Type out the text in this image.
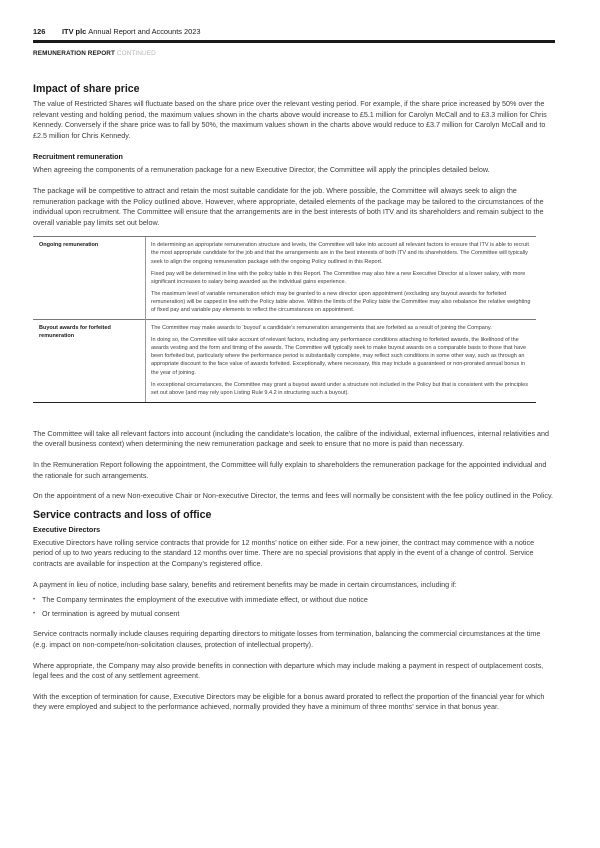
126 ITV plc Annual Report and Accounts 2023
REMUNERATION REPORT CONTINUED
Impact of share price

The value of Restricted Shares will fluctuate based on the share price over the relevant vesting period. For example, if the share price increased by 50% over the relevant vesting and holding period, the maximum values shown in the charts above would increase to £5.1 million for Carolyn McCall and to £3.3 million for Chris Kennedy. Conversely if the share price was to fall by 50%, the maximum values shown in the charts above would reduce to £3.7 million for Carolyn McCall and to £2.5 million for Chris Kennedy.

Recruitment remuneration

When agreeing the components of a remuneration package for a new Executive Director, the Committee will apply the principles detailed below.

The package will be competitive to attract and retain the most suitable candidate for the job. Where possible, the Committee will always seek to align the remuneration package with the Policy outlined above. However, where appropriate, detailed elements of the package may be tailored to the circumstances of the individual upon recruitment. The Committee will ensure that the arrangements are in the best interests of both ITV and its shareholders and remain subject to the overall variable pay limits set out below.

Ongoing remuneration	In determining an appropriate remuneration structure and levels, the Committee will take into account all relevant factors to ensure that ITV is able to recruit the most appropriate candidate for the job and that the arrangements are in the best interests of both ITV and its shareholders. The Committee will typically seek to align the ongoing remuneration package with the ongoing Policy outlined in this Report.
Fixed pay will be determined in line with the policy table in this Report. The Committee may also hire a new Executive Director at a lower salary, with more significant increases to salary being awarded as the individual gains experience.
The maximum level of variable remuneration which may be granted to a new director upon appointment (excluding any buyout awards for forfeited remuneration) will be capped in line with the Policy table above. Within the limits of the Policy table the Committee may also rebalance the relative weighting of fixed pay and variable pay elements to reflect the circumstances on appointment.

Buyout awards for forfeited remuneration	The Committee may make awards to ‘buyout’ a candidate’s remuneration arrangements that are forfeited as a result of joining the Company.
In doing so, the Committee will take account of relevant factors, including any performance conditions attaching to forfeited awards, the likelihood of the awards vesting and the form and timing of the awards. The Committee will typically seek to make buyout awards on a comparable basis to those that have been forfeited but, particularly where the performance period is substantially complete, may reflect such conditions in some other way, such as through an appropriate discount to the face value of awards forfeited. Exceptionally, where necessary, this may include a guaranteed or non-prorated annual bonus in the year of joining.
In exceptional circumstances, the Committee may grant a buyout award under a structure not included in the Policy but that is consistent with the principles set out above (and may rely upon Listing Rule 9.4.2 in structuring such a buyout).

The Committee will take all relevant factors into account (including the candidate’s location, the calibre of the individual, external influences, internal relativities and the overall business context) when determining the new remuneration package and seek to ensure that no more is paid than necessary.

In the Remuneration Report following the appointment, the Committee will fully explain to shareholders the remuneration package for the appointed individual and the rationale for such arrangements.

On the appointment of a new Non-executive Chair or Non-executive Director, the terms and fees will normally be consistent with the fee policy outlined in the Policy.

Service contracts and loss of office
Executive Directors

Executive Directors have rolling service contracts that provide for 12 months’ notice on either side. For a new joiner, the contract may commence with a notice period of up to two years reducing to the standard 12 months over time. There are no special provisions that apply in the event of a change of control. Service contracts are available for inspection at the Company’s registered office.

A payment in lieu of notice, including base salary, benefits and retirement benefits may be made in certain circumstances, including if:

• The Company terminates the employment of the executive with immediate effect, or without due notice
• Or termination is agreed by mutual consent

Service contracts normally include clauses requiring departing directors to mitigate losses from termination, balancing the commercial circumstances at the time (e.g. impact on non-compete/non-solicitation clauses, protection of intellectual property).

Where appropriate, the Company may also provide benefits in connection with departure which may include making a payment in respect of outplacement costs, legal fees and the cost of any settlement agreement.

With the exception of termination for cause, Executive Directors may be eligible for a bonus award prorated to reflect the proportion of the financial year for which they were employed and subject to the performance achieved, normally provided they have a minimum of three months’ service in that bonus year.
